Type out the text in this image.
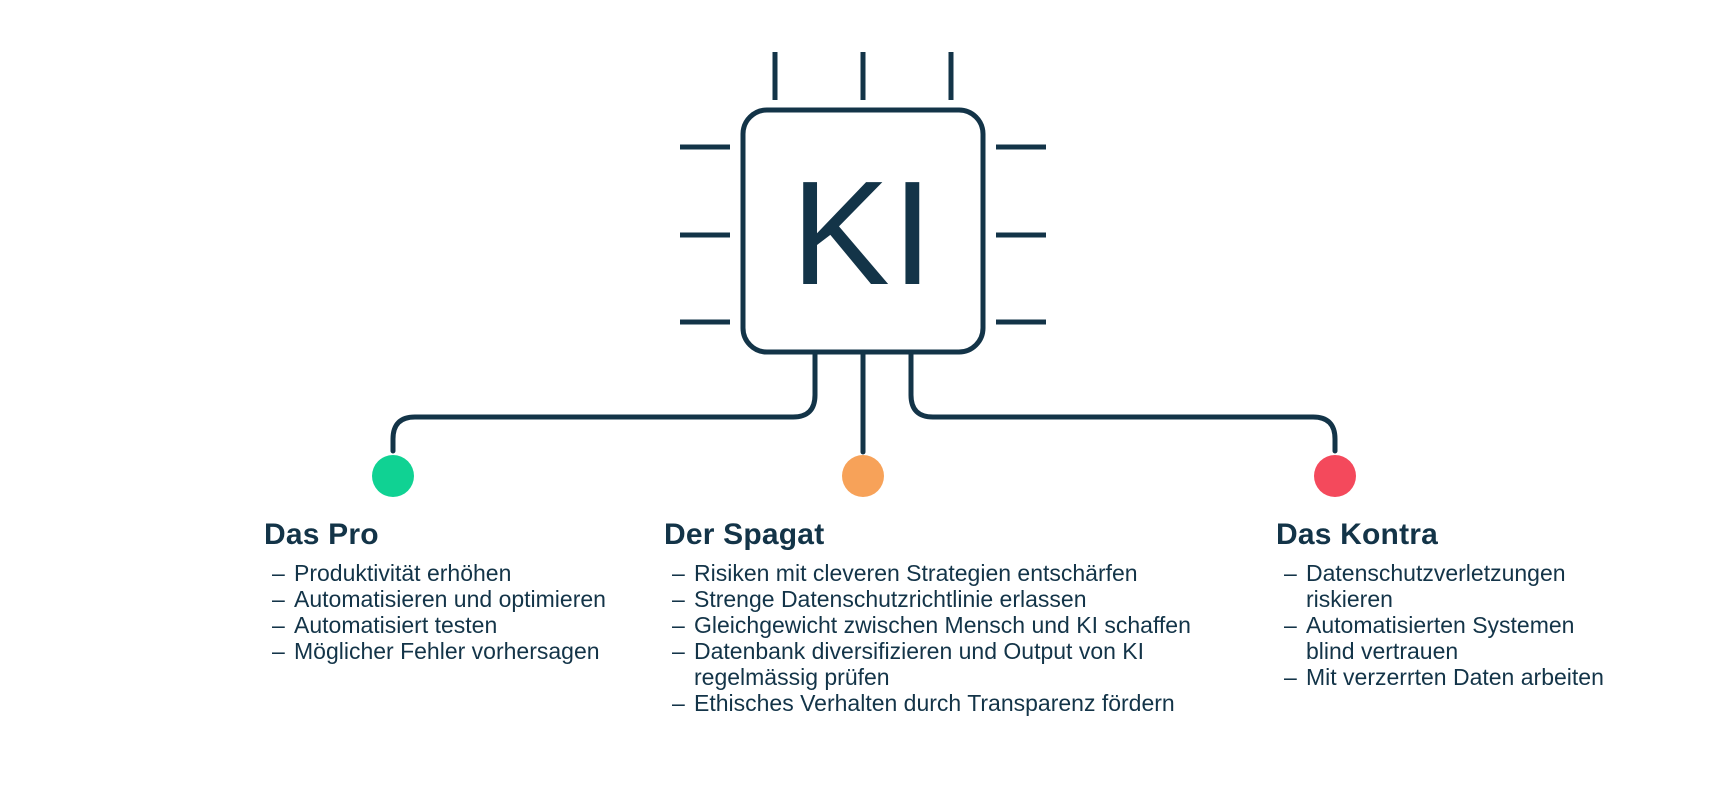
KI
Das Pro
– Produktivität erhöhen
– Automatisieren und optimieren
– Automatisiert testen
– Möglicher Fehler vorhersagen
Der Spagat
– Risiken mit cleveren Strategien entschärfen
– Strenge Datenschutzrichtlinie erlassen
– Gleichgewicht zwischen Mensch und KI schaffen
– Datenbank diversifizieren und Output von KI
regelmässig prüfen
– Ethisches Verhalten durch Transparenz fördern
Das Kontra
– Datenschutzverletzungen
riskieren
– Automatisierten Systemen
blind vertrauen
– Mit verzerrten Daten arbeiten
